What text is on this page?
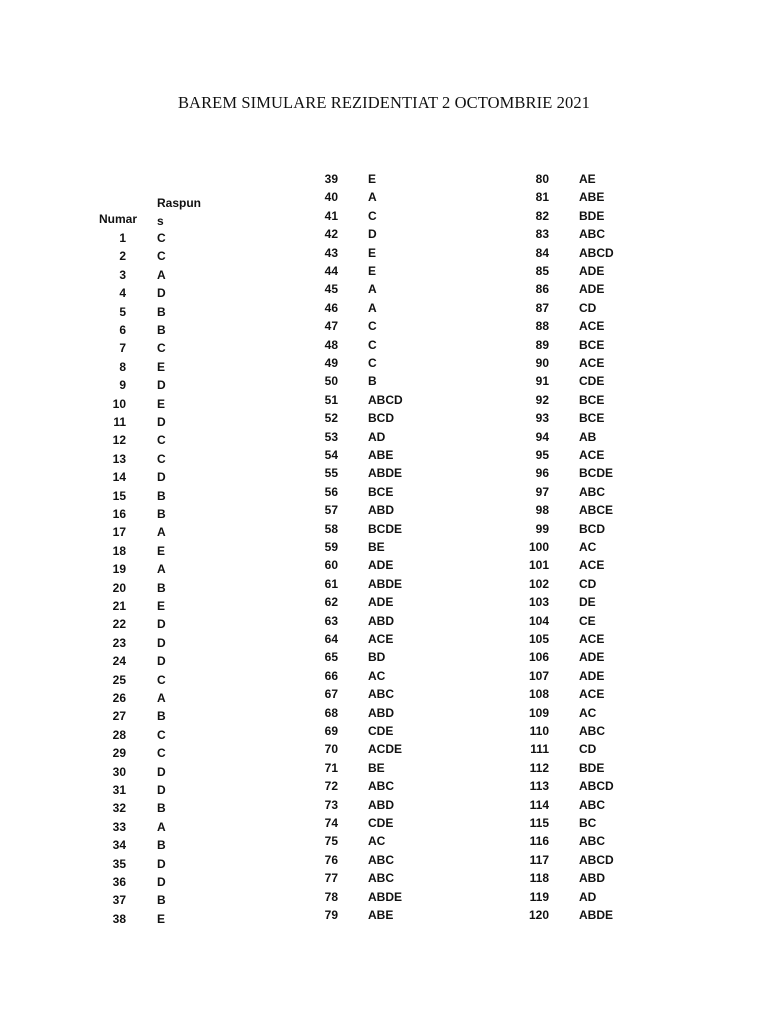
BAREM SIMULARE REZIDENTIAT 2 OCTOMBRIE 2021
Numar
Raspun
s
1	C
2	C
3	A
4	D
5	B
6	B
7	C
8	E
9	D
10	E
11	D
12	C
13	C
14	D
15	B
16	B
17	A
18	E
19	A
20	B
21	E
22	D
23	D
24	D
25	C
26	A
27	B
28	C
29	C
30	D
31	D
32	B
33	A
34	B
35	D
36	D
37	B
38	E
39	E
40	A
41	C
42	D
43	E
44	E
45	A
46	A
47	C
48	C
49	C
50	B
51	ABCD
52	BCD
53	AD
54	ABE
55	ABDE
56	BCE
57	ABD
58	BCDE
59	BE
60	ADE
61	ABDE
62	ADE
63	ABD
64	ACE
65	BD
66	AC
67	ABC
68	ABD
69	CDE
70	ACDE
71	BE
72	ABC
73	ABD
74	CDE
75	AC
76	ABC
77	ABC
78	ABDE
79	ABE
80	AE
81	ABE
82	BDE
83	ABC
84	ABCD
85	ADE
86	ADE
87	CD
88	ACE
89	BCE
90	ACE
91	CDE
92	BCE
93	BCE
94	AB
95	ACE
96	BCDE
97	ABC
98	ABCE
99	BCD
100	AC
101	ACE
102	CD
103	DE
104	CE
105	ACE
106	ADE
107	ADE
108	ACE
109	AC
110	ABC
111	CD
112	BDE
113	ABCD
114	ABC
115	BC
116	ABC
117	ABCD
118	ABD
119	AD
120	ABDE
